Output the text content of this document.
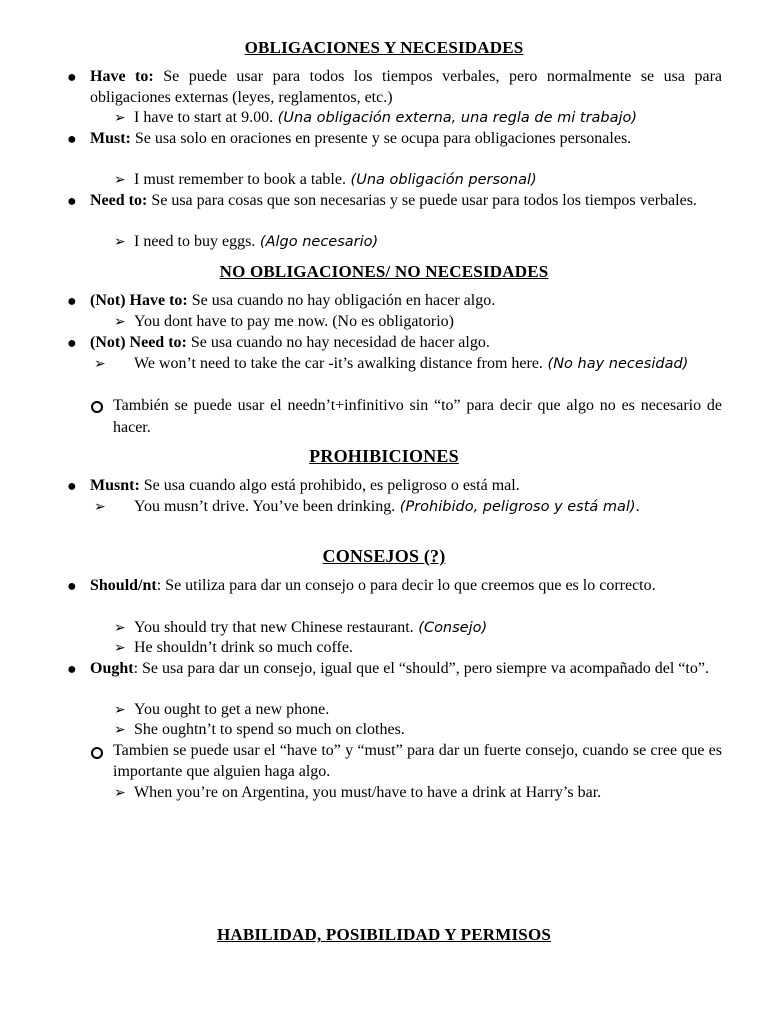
OBLIGACIONES Y NECESIDADES
● Have to: Se puede usar para todos los tiempos verbales, pero normalmente se usa para obligaciones externas (leyes, reglamentos, etc.)
➢ I have to start at 9.00. (Una obligación externa, una regla de mi trabajo)
● Must: Se usa solo en oraciones en presente y se ocupa para obligaciones personales.
➢ I must remember to book a table. (Una obligación personal)
● Need to: Se usa para cosas que son necesarias y se puede usar para todos los tiempos verbales.
➢ I need to buy eggs. (Algo necesario)
NO OBLIGACIONES/ NO NECESIDADES
● (Not) Have to: Se usa cuando no hay obligación en hacer algo.
➢ You dont have to pay me now. (No es obligatorio)
● (Not) Need to: Se usa cuando no hay necesidad de hacer algo.
➢ We won’t need to take the car -it’s awalking distance from here. (No hay necesidad)
También se puede usar el needn’t+infinitivo sin “to” para decir que algo no es necesario de hacer.
PROHIBICIONES
● Musnt: Se usa cuando algo está prohibido, es peligroso o está mal.
➢ You musn’t drive. You’ve been drinking. (Prohibido, peligroso y está mal).
CONSEJOS (?)
● Should/nt: Se utiliza para dar un consejo o para decir lo que creemos que es lo correcto.
➢ You should try that new Chinese restaurant. (Consejo)
➢ He shouldn’t drink so much coffe.
● Ought: Se usa para dar un consejo, igual que el “should”, pero siempre va acompañado del “to”.
➢ You ought to get a new phone.
➢ She oughtn’t to spend so much on clothes.
Tambien se puede usar el “have to” y “must” para dar un fuerte consejo, cuando se cree que es importante que alguien haga algo.
➢ When you’re on Argentina, you must/have to have a drink at Harry’s bar.
HABILIDAD, POSIBILIDAD Y PERMISOS
